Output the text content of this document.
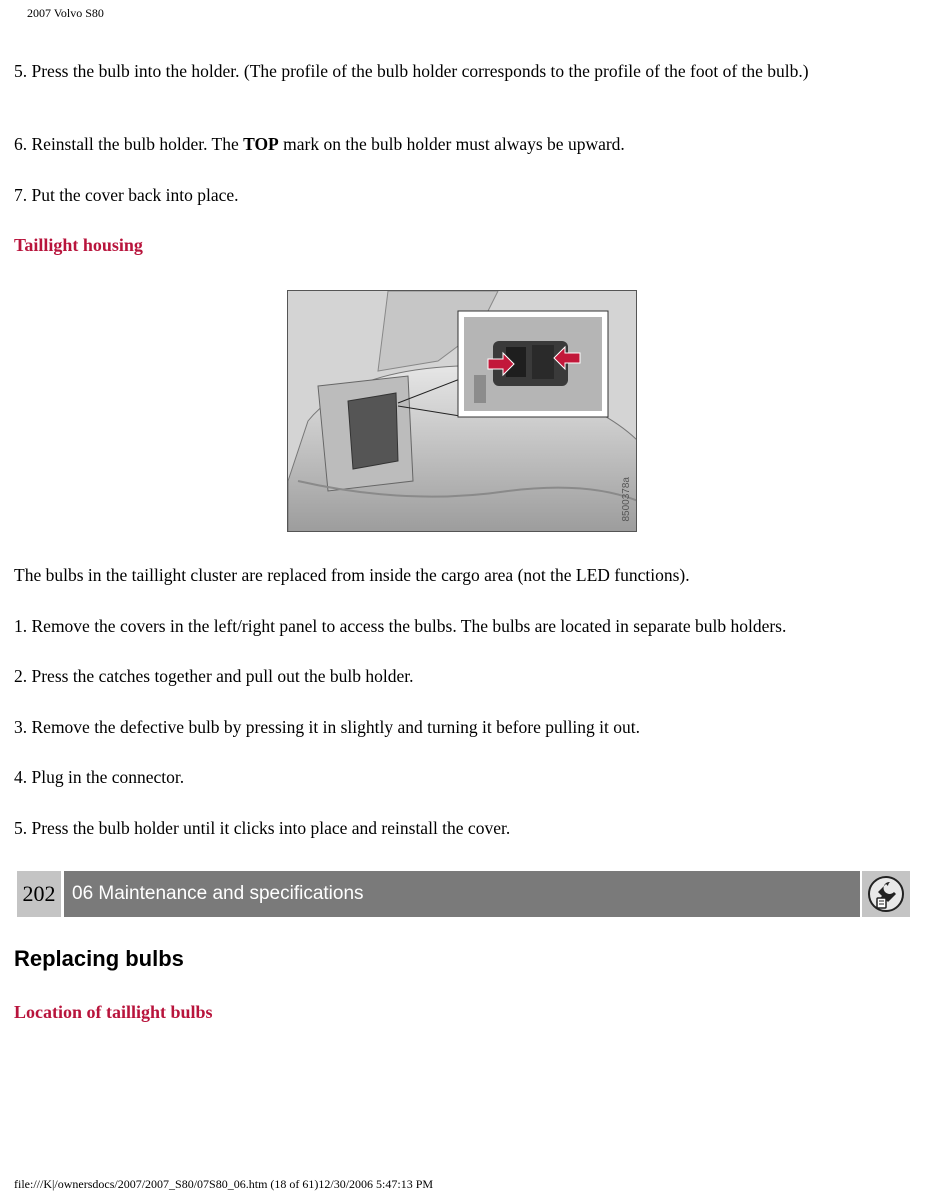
2007 Volvo S80

5. Press the bulb into the holder. (The profile of the bulb holder corresponds to the profile of the foot of the bulb.)

6. Reinstall the bulb holder. The TOP mark on the bulb holder must always be upward.

7. Put the cover back into place.

Taillight housing
8500378a

The bulbs in the taillight cluster are replaced from inside the cargo area (not the LED functions).

1. Remove the covers in the left/right panel to access the bulbs. The bulbs are located in separate bulb holders.

2. Press the catches together and pull out the bulb holder.

3. Remove the defective bulb by pressing it in slightly and turning it before pulling it out.

4. Plug in the connector.

5. Press the bulb holder until it clicks into place and reinstall the cover.

202 06 Maintenance and specifications
Replacing bulbs
Location of taillight bulbs
file:///K|/ownersdocs/2007/2007_S80/07S80_06.htm (18 of 61)12/30/2006 5:47:13 PM
